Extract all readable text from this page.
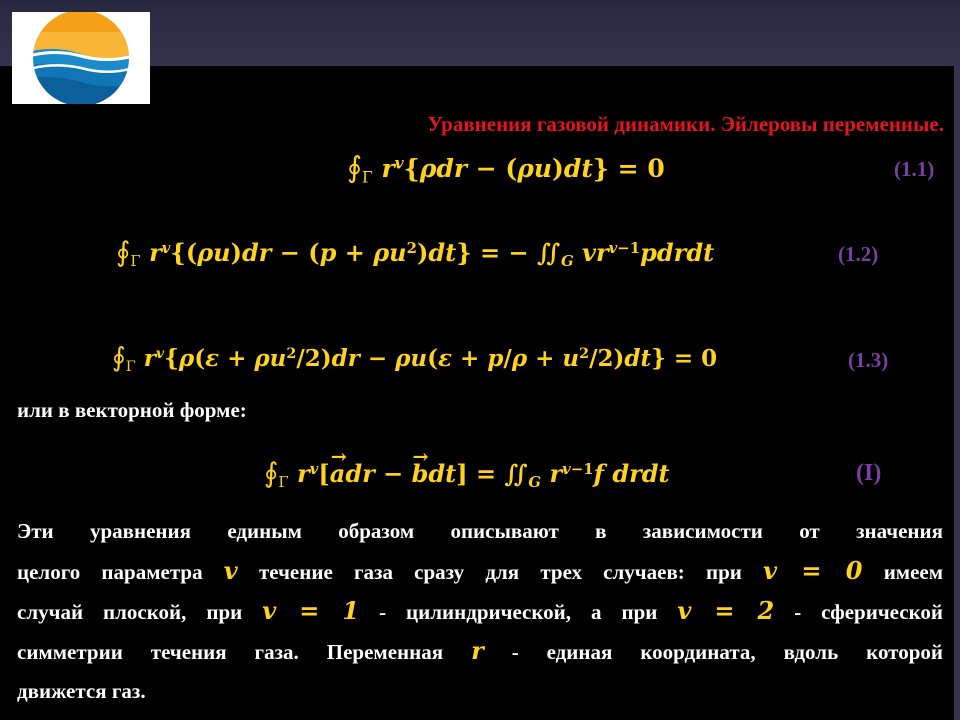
Уравнения газовой динамики. Эйлеровы переменные.
$∮_\Gamma$ $r^v\{\rho dr - (\rho u)dt\} = 0$	(1.1)
$∮_\Gamma$ $r^v\{(\rho u)dr - (p + \rho u^2)dt\}$ = − $∬_G$ $vr^{v-1}pdrdt$	(1.2)
$∮_\Gamma$ $r^v\{\rho(\varepsilon + \rho u^2/2)dr - \rho u(\varepsilon + p/\rho + u^2/2)dt\} = 0$	(1.3)
или в векторной форме:
$∮_\Gamma$ $r^v[\to$ adr − → $bdt] = ∬_G$ $r^{v-1}f$ drdt	(I)
Эти уравнения единым образом описывают в зависимости от значения
целого параметра v течение газа сразу для трех случаев: при v = 0 имеем
случай плоской, при v = 1 - цилиндрической, а при v = 2 - сферической
симметрии течения газа. Переменная r - единая координата, вдоль которой
движется газ.
